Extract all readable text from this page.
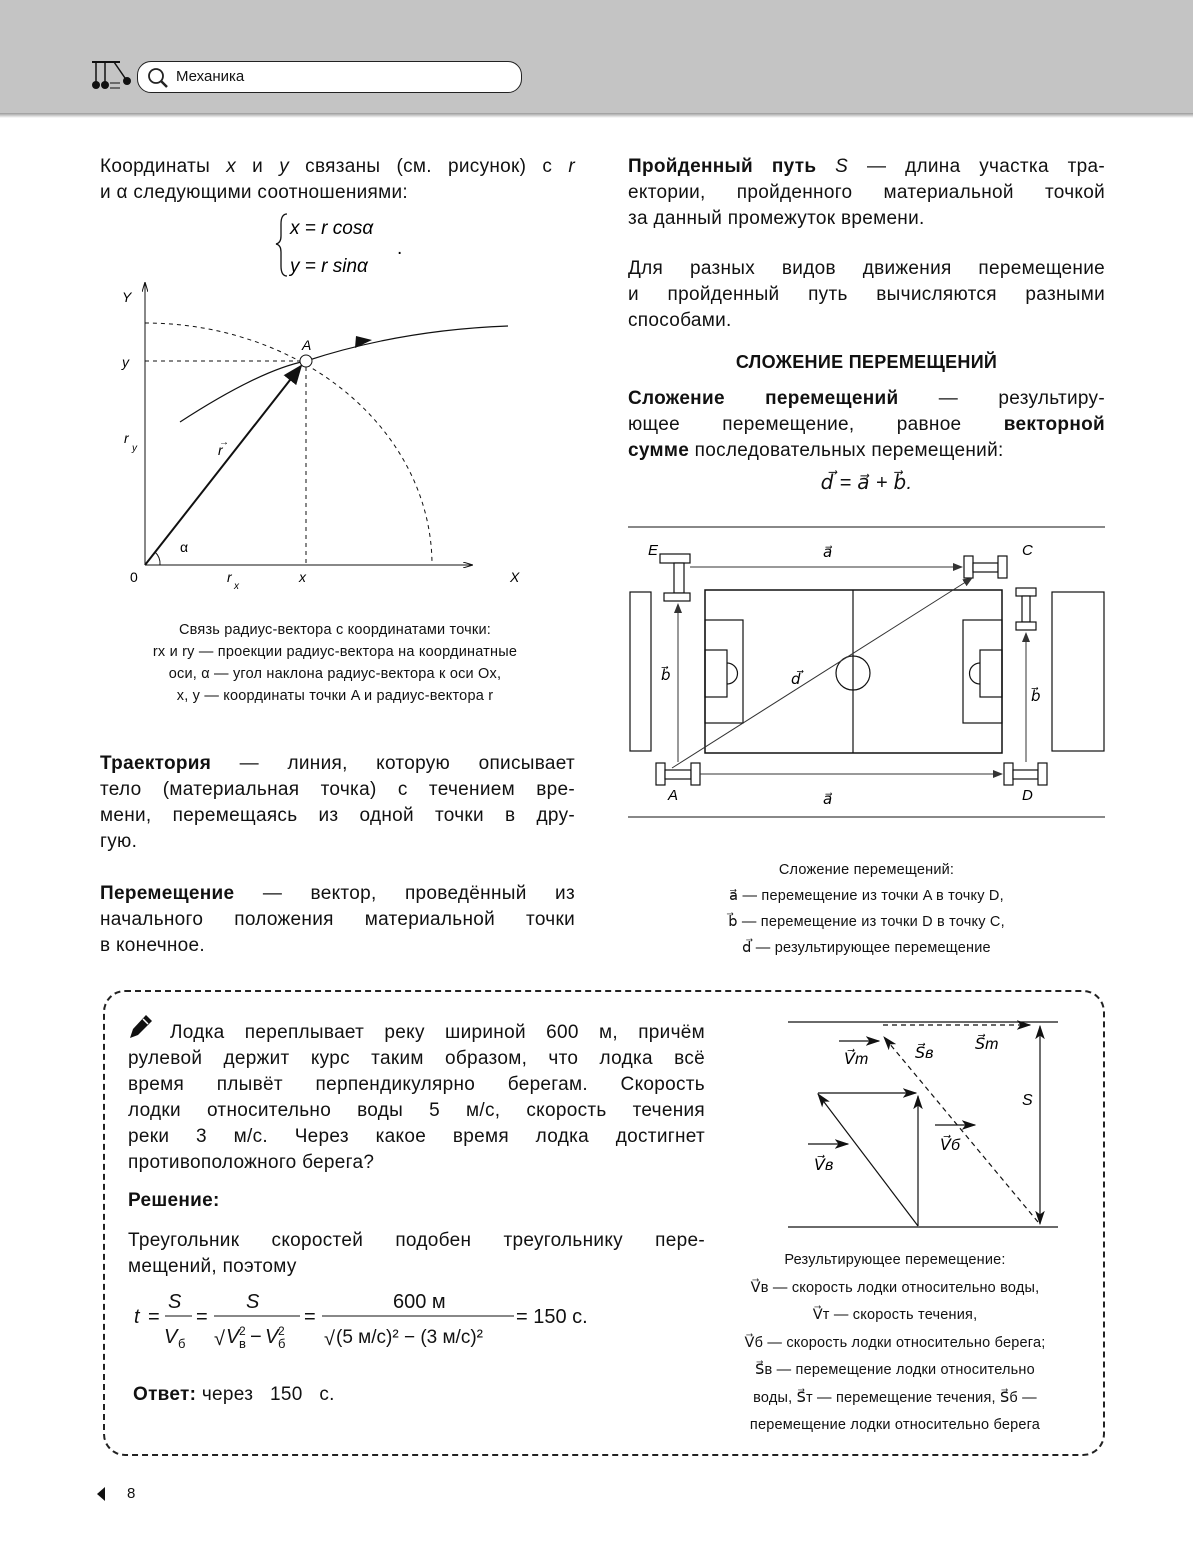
Механика
Координаты x и y связаны (см. рисунок) с r
и α следующими соотношениями:
Связь радиус-вектора с координатами точки:
rx и ry — проекции радиус-вектора на координатные
оси, α — угол наклона радиус-вектора к оси Ox,
x, y — координаты точки A и радиус-вектора r
Траектория — линия, которую описывает
тело (материальная точка) с течением вре-
мени, перемещаясь из одной точки в дру-
гую.
Перемещение — вектор, проведённый из
начального положения материальной точки
в конечное.
Пройденный путь S — длина участка тра-
ектории, пройденного материальной точкой
за данный промежуток времени.
Для разных видов движения перемещение
и пройденный путь вычисляются разными
способами.
СЛОЖЕНИЕ ПЕРЕМЕЩЕНИЙ
Сложение перемещений — результиру-
ющее перемещение, равное векторной
сумме последовательных перемещений:
d⃗ = a⃗ + b⃗.
Сложение перемещений:
a⃗ — перемещение из точки A в точку D,
b⃗ — перемещение из точки D в точку C,
d⃗ — результирующее перемещение
Лодка переплывает реку шириной 600 м, причём
рулевой держит курс таким образом, что лодка всё
время плывёт перпендикулярно берегам. Скорость
лодки относительно воды 5 м/с, скорость течения
реки 3 м/с. Через какое время лодка достигнет
противоположного берега?
Решение:
Треугольник скоростей подобен треугольнику пере-
мещений, поэтому
Ответ: через   150   с.
Результирующее перемещение:
V⃗в — скорость лодки относительно воды,
V⃗т — скорость течения,
V⃗б — скорость лодки относительно берега;
S⃗в — перемещение лодки относительно
воды, S⃗т — перемещение течения, S⃗б —
перемещение лодки относительно берега
x = r cosα
y = r sinα
.
Y
y
r
y	r
→
A
α
0	r
x
x	X
E	C
A	D
a⃗
a⃗
b⃗
b⃗
d⃗
t =
S
V б
=
S
√ V в
2 − V б
2
=
600 м
√ (5 м/с)² − (3 м/с)²
= 150 с.
V⃗т	S⃗в
S⃗т
S
V⃗б
V⃗в
8
